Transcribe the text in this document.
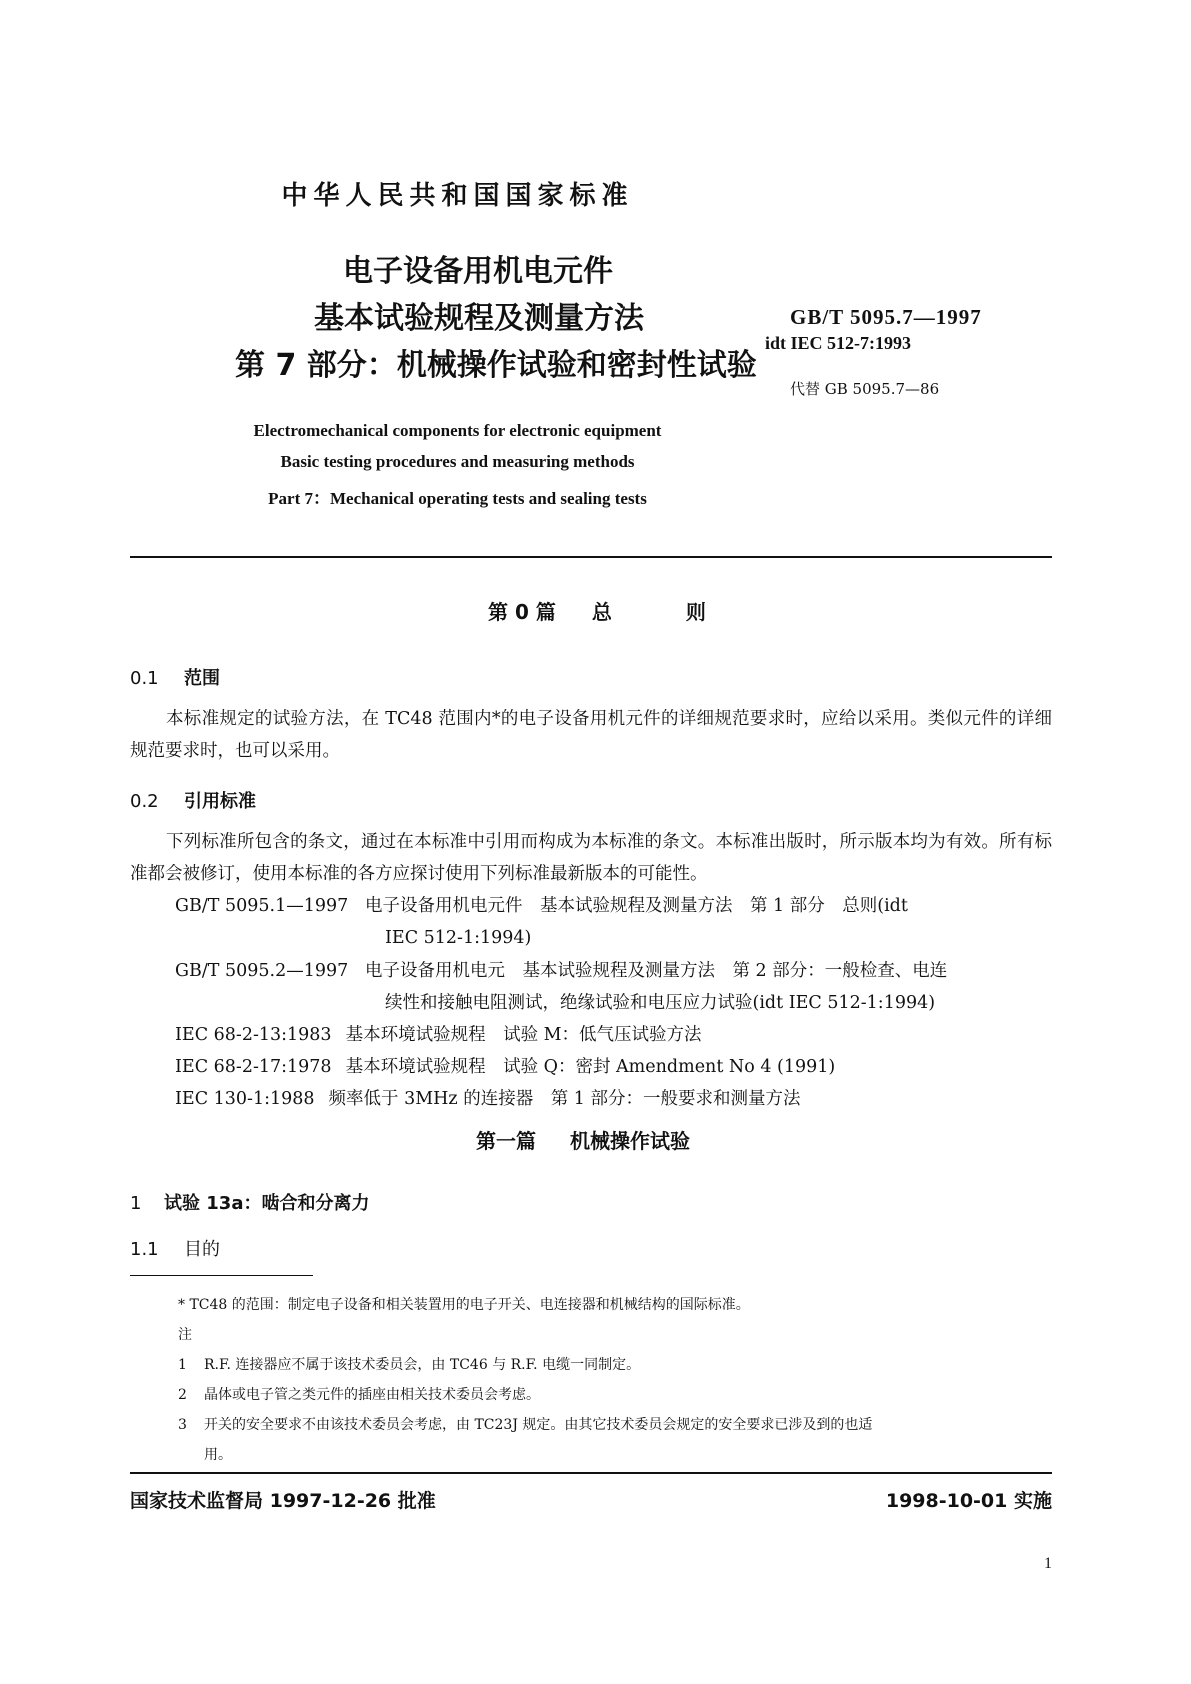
中华人民共和国国家标准
电子设备用机电元件
基本试验规程及测量方法
第 7 部分：机械操作试验和密封性试验
GB/T 5095.7—1997
idt IEC 512-7:1993
代替 GB 5095.7—86
Electromechanical components for electronic equipment
Basic testing procedures and measuring methods
Part 7：Mechanical operating tests and sealing tests
第 0 篇 总	则
0.1 范围
本标准规定的试验方法，在 TC48 范围内*的电子设备用机元件的详细规范要求时，应给以采用。类似元件的详细规范要求时，也可以采用。
0.2 引用标准
下列标准所包含的条文，通过在本标准中引用而构成为本标准的条文。本标准出版时，所示版本均为有效。所有标准都会被修订，使用本标准的各方应探讨使用下列标准最新版本的可能性。
GB/T 5095.1—1997 电子设备用机电元件　基本试验规程及测量方法　第 1 部分　总则(idt
IEC 512-1:1994)
GB/T 5095.2—1997 电子设备用机电元　基本试验规程及测量方法　第 2 部分：一般检查、电连
续性和接触电阻测试，绝缘试验和电压应力试验(idt IEC 512-1:1994)
IEC 68-2-13:1983 基本环境试验规程　试验 M：低气压试验方法
IEC 68-2-17:1978 基本环境试验规程　试验 Q：密封 Amendment No 4 (1991)
IEC 130-1:1988 频率低于 3MHz 的连接器　第 1 部分：一般要求和测量方法
第一篇 机械操作试验
1 试验 13a：啮合和分离力
1.1 目的
* TC48 的范围：制定电子设备和相关装置用的电子开关、电连接器和机械结构的国际标准。
注
1 R.F. 连接器应不属于该技术委员会，由 TC46 与 R.F. 电缆一同制定。
2 晶体或电子管之类元件的插座由相关技术委员会考虑。
3 开关的安全要求不由该技术委员会考虑，由 TC23J 规定。由其它技术委员会规定的安全要求已涉及到的也适
用。
国家技术监督局 1997-12-26 批准	1998-10-01 实施
1
